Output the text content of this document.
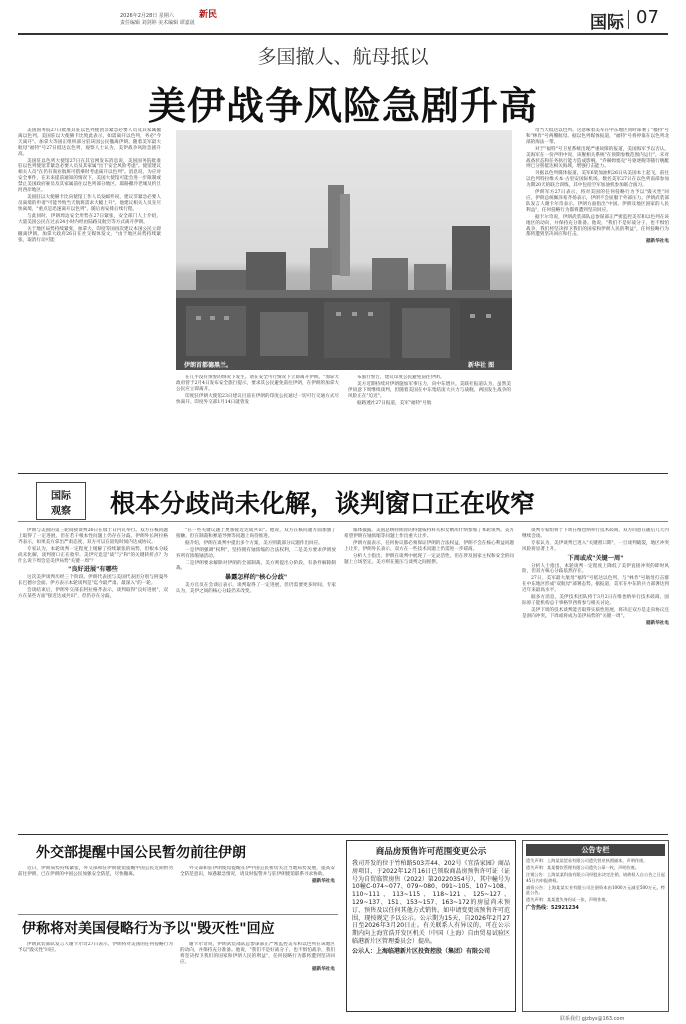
2026年2月28日 星期六
责任编辑 刘剑婷 美术编辑 谭嘉晟
新民	国际 07
多国撤人、航母抵以
美伊战争风险急剧升高

美国国务院27日批准其驻以色列使团非紧急必要人员及其家属撤离以色列。美国驻以大使赫卡比致此表示，如需离开以色列，务必"今天离开"。加拿大等国正组织部分驻该国公民撤离伊朗。随着美军最大航母"福特"号27日抵达以色列，观察人士认为，美伊战争风险急剧升高。

美国驻以色列大使馆27日在其官网发布消息说，美国国务院批准驻以色列使馆非紧急必要人员及其家属"出于安全风险考虑"。使馆建议相关人员"在仍有商业航班可搭乘时考虑离开以色列"。消息说，为应对安全事件，在未来提前通知的情况下，美国大使馆可能会进一步限制或禁止美国政府雇员及其家属前往以色列部分地区、耶路撒冷老城及约旦河西岸地区。

美国驻以大使赫卡比向使馆工作人员发邮件说，建议非紧急必要人员离境的申请"可能导致当天航班需求大幅上升"。他建议相关人员先尽快离境，"重点是迅速离开以色列"，随后再安排后续行程。

与此同时，伊朗周边安全形势在27日紧张，安全部门人士介绍，大量美国公民在过去24小时内经由陆路及航空等方式离开伊朗。

关于地区局势持续紧张，加拿大、印度等国再次建议本国公民立即撤离伊朗。加拿大政府26日在社交媒体发文，"由于地区局势持续紧张，取消行动可能

伊朗首都德黑兰。	新华社 图

在几乎没有预警的情况下发生。请在安全可行情况下立即离开伊朗。"加拿大政府曾于2月4日发布安全旅行提示，要求其公民避免前往伊朗，在伊朗的加拿大公民应立即离开。

印度驻伊朗大使馆23日建议目前在伊朗的印度公民通过一切可行交通方式尽快离开。印度外交部1月14日就曾发

布旅行警告，建议印度公民避免前往伊朗。

美方近期持续对伊朗施加军事压力，向中东增兵。美联社报道认为，虽然美伊同意下周继续谈判，但随着美国在中东集结庞大兵力与战舰，两国发生战争的风险正在"迫近"。

据路透社27日报道，美军"福特"号航

母当天抵达以色列。这意味着美军在中东地区同时部署了"福特"号和"林肯"号两艘航母。据以色列媒体报道，"福特"号将停靠在以色列北部的海法一带。

对于"福特"号卫星系统出现严重故障的报道，美国海军予以否认。美海军在一份声明中说，该舰相关系统"在预期参数范围内运行"，未对战备状态和任务执行能力造成影响。"乔赫姆塞克"号驱逐舰等随行舰艇则已分别抵达相关海域，增强打击能力。

另据以色列媒体报道，美军6架加油机26日从美国本土起飞，前往以色列特拉维夫本·古里安国际机场。数名美军27日在以色列南部参加为期20天的联合训练，其中包括空军加油机参加联合演习。

伊朗军方27日表示，将对美国的任何侵略行为予以"毁灭性"回应。伊朗总统佩泽希齐扬表示，伊朗不会屈服于外部压力。伊朗武装部队发言人谢卡尔奇表示，伊朗方面指出"中国、伊朗及地区国家的人民利益"，任何侵略行为都将遭到坚决回应。

据卡尔奇说，伊朗武装部队总参谋部正严密监控美军和以色列在该地区的动向，并保持充分准备。他说，"我们不是好战分子，也不惧怕战争，我们将坚决捍卫我们的国家和伊朗人民的利益"，任何侵略行为都将遭到坚决回应和打击。

据新华社电
国际
观察	根本分歧尚未化解，谈判窗口正在收窄

伊朗与美国的第三轮间接谈判26日在瑞士日内瓦举行。双方在核问题上取得了一定进展，但在若干根本性问题上仍存在分歧。伊朗外长阿拉格齐表示，如果美方拿出严肃态度，双方可以在较短时间内达成协议。

专家认为，本轮谈判一定程度上缓解了持续紧张的局势，但根本分歧尚未化解，谈判窗口正在收窄。美伊究竟是"战"与"和"的关键转折点？为什么说下周会是美伊局势"关键一周"？

"良好进展"有哪些

这次美伊谈判历经三个阶段。伊朗代表团与美国代表团分别与阿曼外长巴德尔会面。伊方表示本轮谈判是"迄今最严肃、最深入"的一轮。

会谈结束后，伊朗外交部长阿拉格齐表示，谈判取得"良好进展"，双方在某些方面"接近达成共识"，但仍存在分歧。

"在一些关键议题上更加接近达成共识"。他说，双方在核问题方面加强了接触，但在制裁和弹道导弹等问题上尚待推进。

据介绍，伊朗在谈判中提出多个方案，美方则就部分议题作出回应。

一是伊朗强调"权利"，坚持拥有铀浓缩的合法权利，二是美方要求伊朗放弃所有浓缩铀活动。

二是伊朗要求解除对伊朗的全部制裁，美方则提出分阶段、有条件解除制裁。

暴露怎样的"核心分歧"

美方官员在会谈后表示，谈判取得了一定进展，但仍需要更多时间。专家认为，美伊之间的核心分歧仍未改变。

媒体披露，美国总统特朗普的特使威特科夫和女婿库什纳参加了本轮谈判。美方希望伊朗在铀浓缩等问题上作出重大让步。

伊朗方面表示，任何协议都必须保证伊朗的合法权益，伊朗不会在核心利益问题上让步。伊朗外长表示，双方在一些技术问题上仍需进一步磋商。

分析人士指出，伊朗在谈判中展现了一定灵活性，但在涉及国家主权和安全的问题上立场坚定。美方则在施压与谈判之间摇摆。

谈判专家组将于下周在维也纳举行技术磋商，双方同意在随后几天内继续会谈。

专家认为，美伊谈判已进入"关键窗口期"，一旦谈判破裂，地区冲突风险将显著上升。

下周或成"关键一周"

分析人士指出，本轮谈判一定程度上降低了美伊直接冲突的即时风险，但双方核心分歧依然存在。

27日，美军最大航母"福特"号抵达以色列，与"林肯"号航母打击群在中东地区形成"双航母"部署态势。据报道，美军在中东的兵力部署达到近年来最高水平。

据多方消息，美伊技术团队将于3月2日在维也纳举行技术磋商，国际原子能机构总干事格罗西将参与相关讨论。

美伊下周的技术谈判能否取得实质性进展，将决定双方是走向协议还是滑向冲突。下周或将成为美伊局势的"关键一周"。

据新华社电
外交部提醒中国公民暂勿前往伊朗

近日，伊朗局势持续紧张，外交部和驻伊朗使馆提醒中国公民近期暂勿前往伊朗，已在伊朗的中国公民加强安全防范，尽快撤离。

外交部和驻伊朗使馆提醒在伊中国公民密切关注当地局势发展，提高安全防范意识，如遇紧急情况，请及时报警并与驻伊朗使馆联系寻求协助。

据新华社电
伊称将对美国侵略行为予以"毁灭性"回应

伊朗武装部队发言人谢卡尔奇27日表示，伊朗将对美国的任何侵略行为予以"毁灭性"回应。

谢卡尔奇说，伊朗武装部队总参谋部正严密监控美军和以色列在该地区的动向，并保持充分准备。他说，"我们不是好战分子，也不惧怕战争，我们将坚决捍卫我们的国家和伊朗人民的利益"，任何侵略行为都将遭到坚决回应。

据新华社电
商品房预售许可范围变更公示
我司开发的位于竹柏路503弄44、202号《宜浩家园》商品房项目，于2022年12月16日已领取商品房预售许可证（证号为自贸临管房售（2022）第20220354号），其中幢号为10幢C-074~077、079~080、091~105、107~108、110~111、113~115、118~121、125~127、129~137、151、153~157、163~172的房屋尚未预订、预售及以任何其他方式销售。如申请变更该预售许可范围，现按规定予以公示。公示期为15天，自2026年2月27日至2026年3月20日止。有关联系人有异议的，可在公示期内向上海宜浩开发区机关（中国（上海）自由贸易试验区临港新片区管理委员会）提出。
公示人：上海临港新片区投资控股（集团）有限公司
公告专栏
遗失声明：上海某某贸易有限公司遗失营业执照副本，声明作废。
遗失声明：某某餐饮管理有限公司遗失公章一枚，声明作废。
注销公告：上海某某科技有限公司经股东决定注销，请债权人自公告之日起45日内申报债权。
减资公告：上海某某实业有限公司注册资本由1000万元减至500万元，特此公告。
遗失声明：某某遗失身份证一张，声明作废。
广告热线：52921234
联系我们 gjzbys@163.com
